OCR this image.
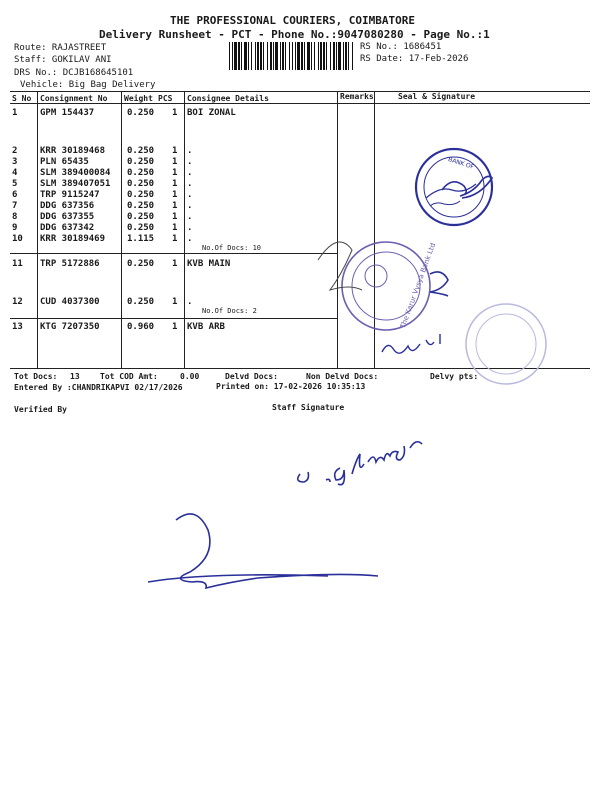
THE PROFESSIONAL COURIERS, COIMBATORE
Delivery Runsheet - PCT - Phone No.:9047080280 - Page No.:1
Route: RAJASTREET
Staff: GOKILAV ANI
DRS No.: DCJB168645101
Vehicle: Big Bag Delivery
RS No.: 1686451
RS Date: 17-Feb-2026
S No Consignment No Weight PCS Consignee Details	Remarks	Seal & Signature
1	GPM 154437	0.250 1 BOI ZONAL
2	KRR 30189468 0.250 1 .
3	PLN 65435	0.250 1 .
4	SLM 389400084 0.250 1 .
5	SLM 389407051 0.250 1 .
6	TRP 9115247	0.250 1 .
7	DDG 637356	0.250 1 .
8	DDG 637355	0.250 1 .
9	DDG 637342	0.250 1 .
10 KRR 30189469 1.115 1 .
No.Of Docs: 10
11 TRP 5172886	0.250 1 KVB MAIN
12 CUD 4037300	0.250 1 .
No.Of Docs: 2
13 KTG 7207350	0.960 1 KVB ARB
Tot Docs: 13	Tot COD Amt:	0.00	Delvd Docs:	Non Delvd Docs:	Delvy pts:
Entered By :CHANDRIKAPVI 02/17/2026	Printed on: 17-02-2026 10:35:13
Verified By	Staff Signature
BANK OF
The Karur Vysya Bank Ltd
